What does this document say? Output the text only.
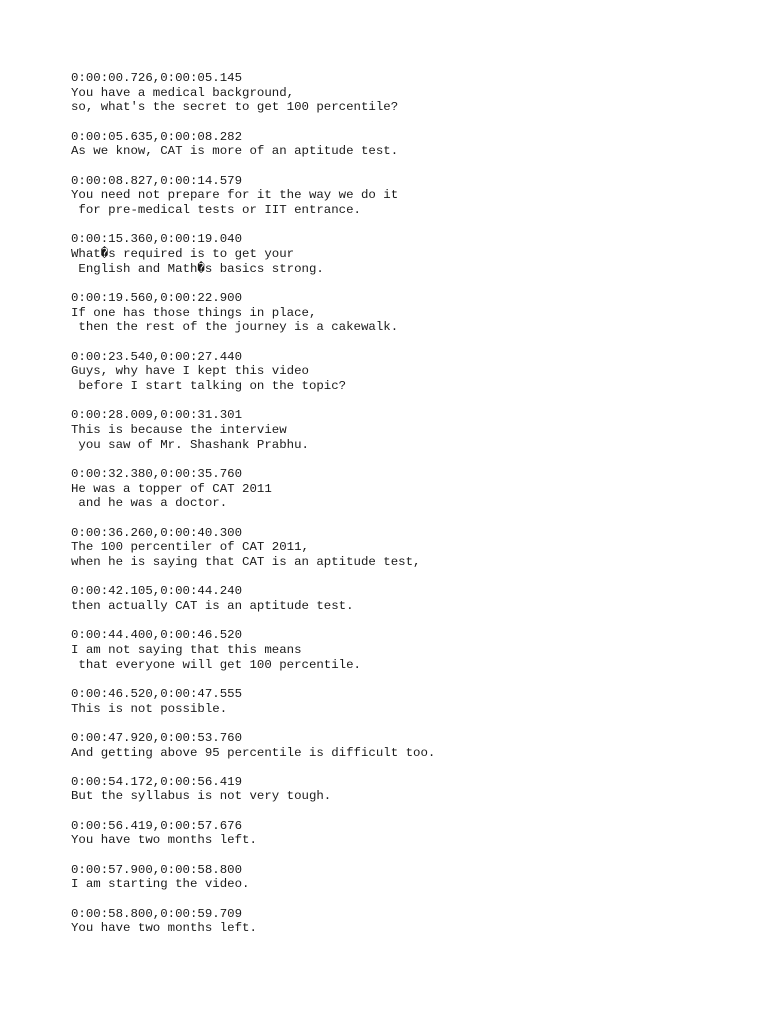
0:00:00.726,0:00:05.145
You have a medical background,
so, what's the secret to get 100 percentile?
0:00:05.635,0:00:08.282
As we know, CAT is more of an aptitude test.
0:00:08.827,0:00:14.579
You need not prepare for it the way we do it
for pre-medical tests or IIT entrance.
0:00:15.360,0:00:19.040
What�s required is to get your
English and Math�s basics strong.
0:00:19.560,0:00:22.900
If one has those things in place,
then the rest of the journey is a cakewalk.
0:00:23.540,0:00:27.440
Guys, why have I kept this video
before I start talking on the topic?
0:00:28.009,0:00:31.301
This is because the interview
you saw of Mr. Shashank Prabhu.
0:00:32.380,0:00:35.760
He was a topper of CAT 2011
and he was a doctor.
0:00:36.260,0:00:40.300
The 100 percentiler of CAT 2011,
when he is saying that CAT is an aptitude test,
0:00:42.105,0:00:44.240
then actually CAT is an aptitude test.
0:00:44.400,0:00:46.520
I am not saying that this means
that everyone will get 100 percentile.
0:00:46.520,0:00:47.555
This is not possible.
0:00:47.920,0:00:53.760
And getting above 95 percentile is difficult too.
0:00:54.172,0:00:56.419
But the syllabus is not very tough.
0:00:56.419,0:00:57.676
You have two months left.
0:00:57.900,0:00:58.800
I am starting the video.
0:00:58.800,0:00:59.709
You have two months left.
